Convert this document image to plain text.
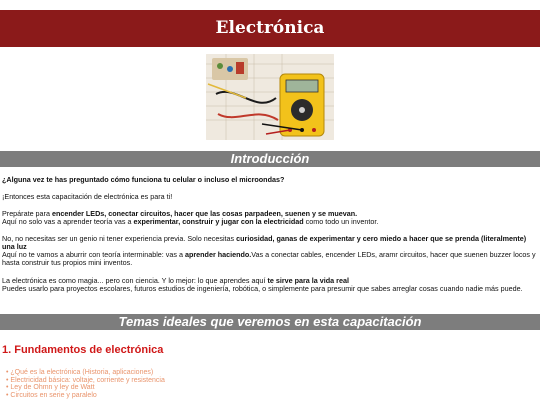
Electrónica
Introducción
¿Alguna vez te has preguntado cómo funciona tu celular o incluso el microondas?
¡Entonces esta capacitación de electrónica es para ti!
Prepárate para encender LEDs, conectar circuitos, hacer que las cosas parpadeen, suenen y se muevan.
Aquí no solo vas a aprender teoría vas a experimentar, construir y jugar con la electricidad como todo un inventor.
No, no necesitas ser un genio ni tener experiencia previa. Solo necesitas curiosidad, ganas de experimentar y cero miedo a hacer que se prenda (literalmente) una luz
Aquí no te vamos a aburrir con teoría interminable: vas a aprender haciendo.Vas a conectar cables, encender LEDs, aramr circuitos, hacer que suenen buzzer locos y hasta construir tus propios mini inventos.
La electrónica es como magia... pero con ciencia. Y lo mejor: lo que aprendes aquí te sirve para la vida real
Puedes usarlo para proyectos escolares, futuros estudios de ingeniería, robótica, o simplemente para presumir que sabes arreglar cosas cuando nadie más puede.
Temas ideales que veremos en esta capacitación
1. Fundamentos de electrónica
• ¿Qué es la electrónica (Historia, aplicaciones)
• Electricidad básica: voltaje, corriente y resistencia
• Ley de Ohmn y ley de Watt
• Circuitos en serie y paralelo
